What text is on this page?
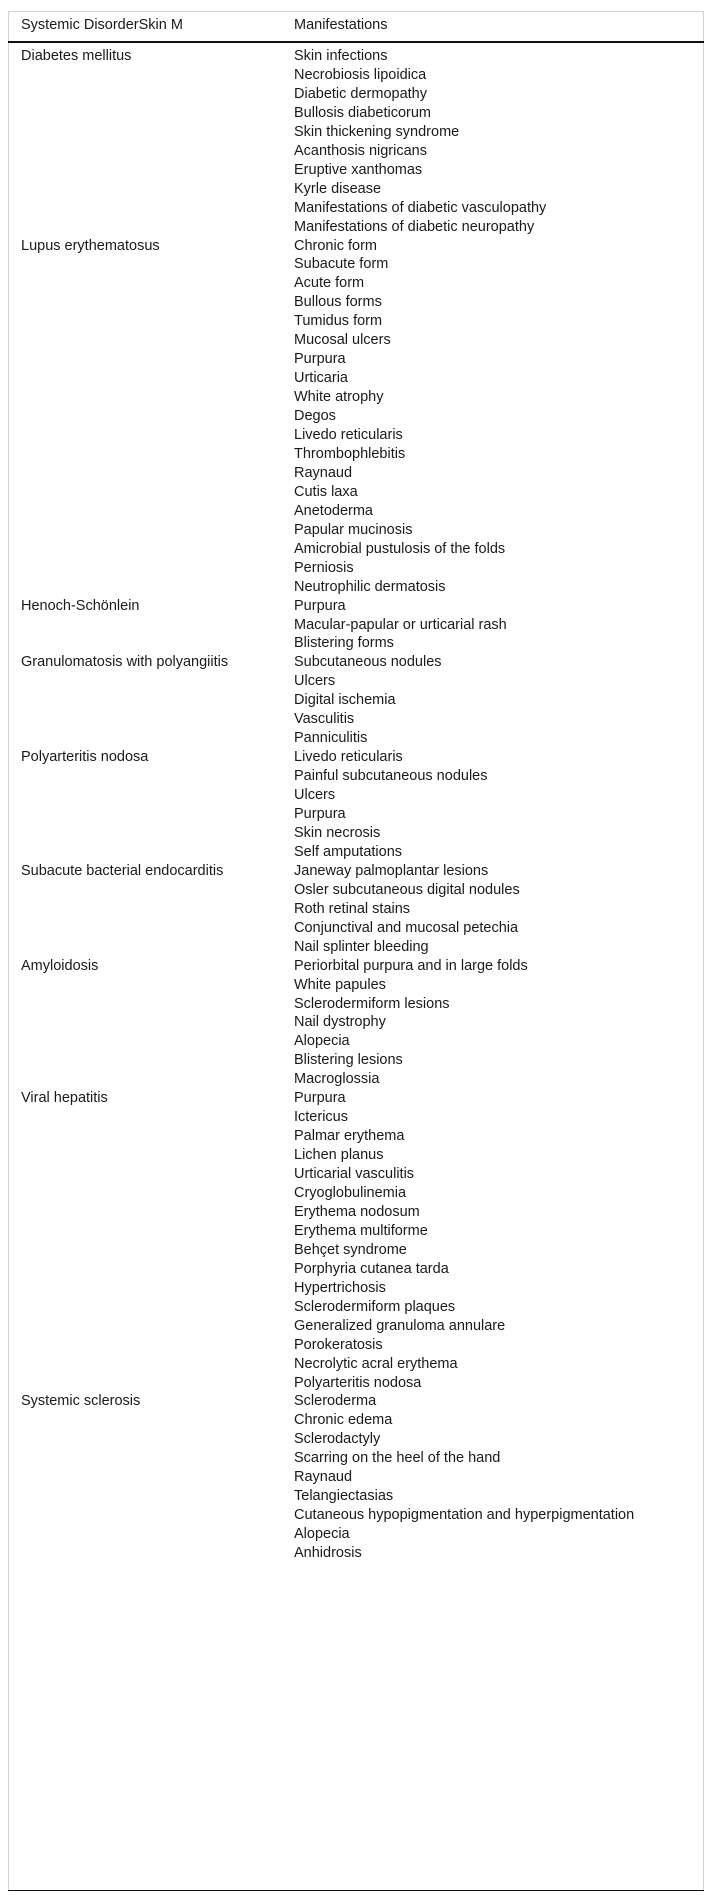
Systemic DisorderSkin M	Manifestations
Diabetes mellitus	Skin infections
Necrobiosis lipoidica
Diabetic dermopathy
Bullosis diabeticorum
Skin thickening syndrome
Acanthosis nigricans
Eruptive xanthomas
Kyrle disease
Manifestations of diabetic vasculopathy
Manifestations of diabetic neuropathy
Lupus erythematosus	Chronic form
Subacute form
Acute form
Bullous forms
Tumidus form
Mucosal ulcers
Purpura
Urticaria
White atrophy
Degos
Livedo reticularis
Thrombophlebitis
Raynaud
Cutis laxa
Anetoderma
Papular mucinosis
Amicrobial pustulosis of the folds
Perniosis
Neutrophilic dermatosis
Henoch-Schönlein	Purpura
Macular-papular or urticarial rash
Blistering forms
Granulomatosis with polyangiitis	Subcutaneous nodules
Ulcers
Digital ischemia
Vasculitis
Panniculitis
Polyarteritis nodosa	Livedo reticularis
Painful subcutaneous nodules
Ulcers
Purpura
Skin necrosis
Self amputations
Subacute bacterial endocarditis	Janeway palmoplantar lesions
Osler subcutaneous digital nodules
Roth retinal stains
Conjunctival and mucosal petechia
Nail splinter bleeding
Amyloidosis	Periorbital purpura and in large folds
White papules
Sclerodermiform lesions
Nail dystrophy
Alopecia
Blistering lesions
Macroglossia
Viral hepatitis	Purpura
Ictericus
Palmar erythema
Lichen planus
Urticarial vasculitis
Cryoglobulinemia
Erythema nodosum
Erythema multiforme
Behçet syndrome
Porphyria cutanea tarda
Hypertrichosis
Sclerodermiform plaques
Generalized granuloma annulare
Porokeratosis
Necrolytic acral erythema
Polyarteritis nodosa
Systemic sclerosis	Scleroderma
Chronic edema
Sclerodactyly
Scarring on the heel of the hand
Raynaud
Telangiectasias
Cutaneous hypopigmentation and hyperpigmentation
Alopecia
Anhidrosis
